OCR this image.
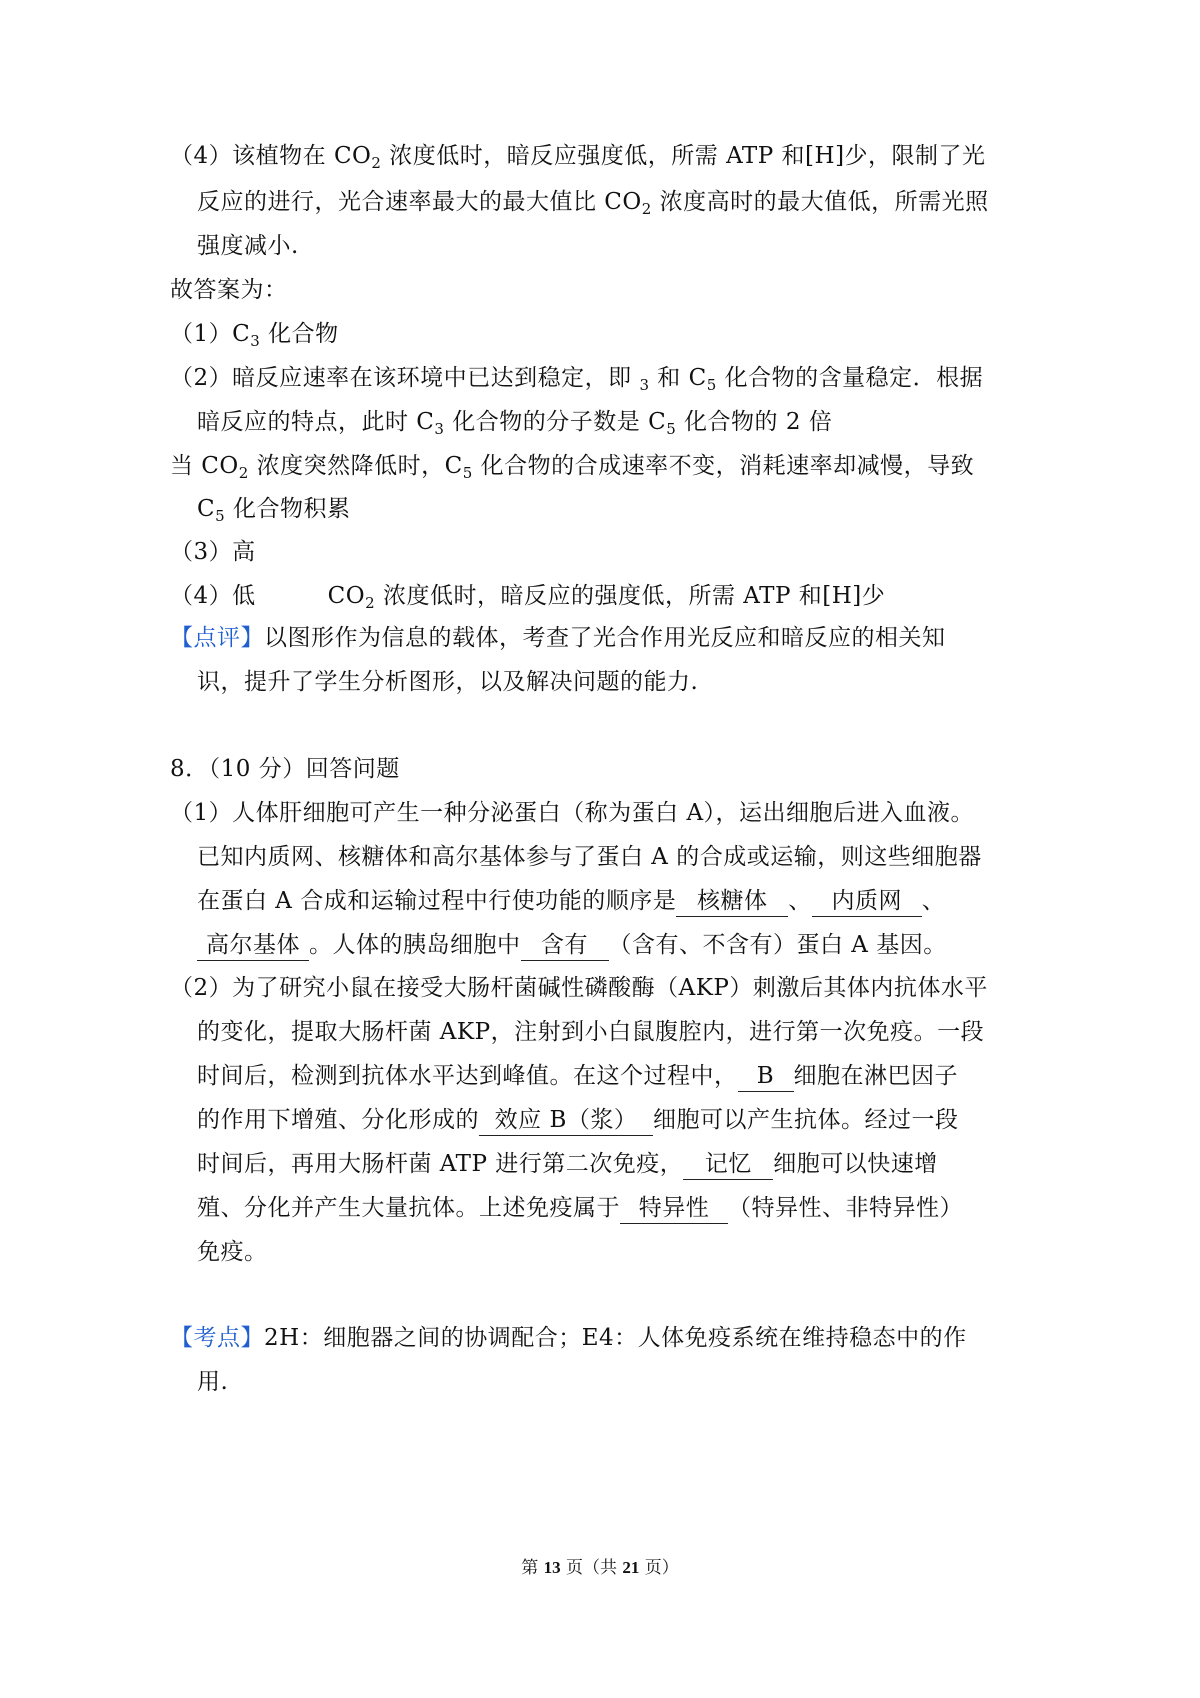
（4）该植物在 $CO_2$ 浓度低时，暗反应强度低，所需 ATP 和[H]少，限制了光
反应的进行，光合速率最大的最大值比 $CO_2$ 浓度高时的最大值低，所需光照
强度减小.
故答案为：
$(1)C_3$ 化合物
（2）暗反应速率在该环境中已达到稳定，即 $_3$ 和 $C_5$ 化合物的含量稳定．根据
暗反应的特点，此时 $C_3$ 化合物的分子数是 $C_5$ 化合物的 2 倍
当 $CO_2$ 浓度突然降低时，$C_5$ 化合物的合成速率不变，消耗速率却减慢，导致
$C_5$ 化合物积累
（3）高
（4）低	$CO_2$ 浓度低时，暗反应的强度低，所需 ATP 和[H]少
【点评】以图形作为信息的载体，考查了光合作用光反应和暗反应的相关知
识，提升了学生分析图形，以及解决问题的能力.
8．（10 分）回答问题
（1）人体肝细胞可产生一种分泌蛋白（称为蛋白 A），运出细胞后进入血液。
已知内质网、核糖体和高尔基体参与了蛋白 A 的合成或运输，则这些细胞器
在蛋白 A 合成和运输过程中行使功能的顺序是 核糖体 、 内质网 、
高尔基体 。人体的胰岛细胞中 含有 （含有、不含有）蛋白 A 基因。
（2）为了研究小鼠在接受大肠杆菌碱性磷酸酶（AKP）刺激后其体内抗体水平
的变化，提取大肠杆菌 AKP，注射到小白鼠腹腔内，进行第一次免疫。一段
时间后，检测到抗体水平达到峰值。在这个过程中， B 细胞在淋巴因子
的作用下增殖、分化形成的 效应 B（浆） 细胞可以产生抗体。经过一段
时间后，再用大肠杆菌 ATP 进行第二次免疫， 记忆 细胞可以快速增
殖、分化并产生大量抗体。上述免疫属于 特异性 （特异性、非特异性）
免疫。
【考点】2H：细胞器之间的协调配合；E4：人体免疫系统在维持稳态中的作
用.
第 13 页（共 21 页）
